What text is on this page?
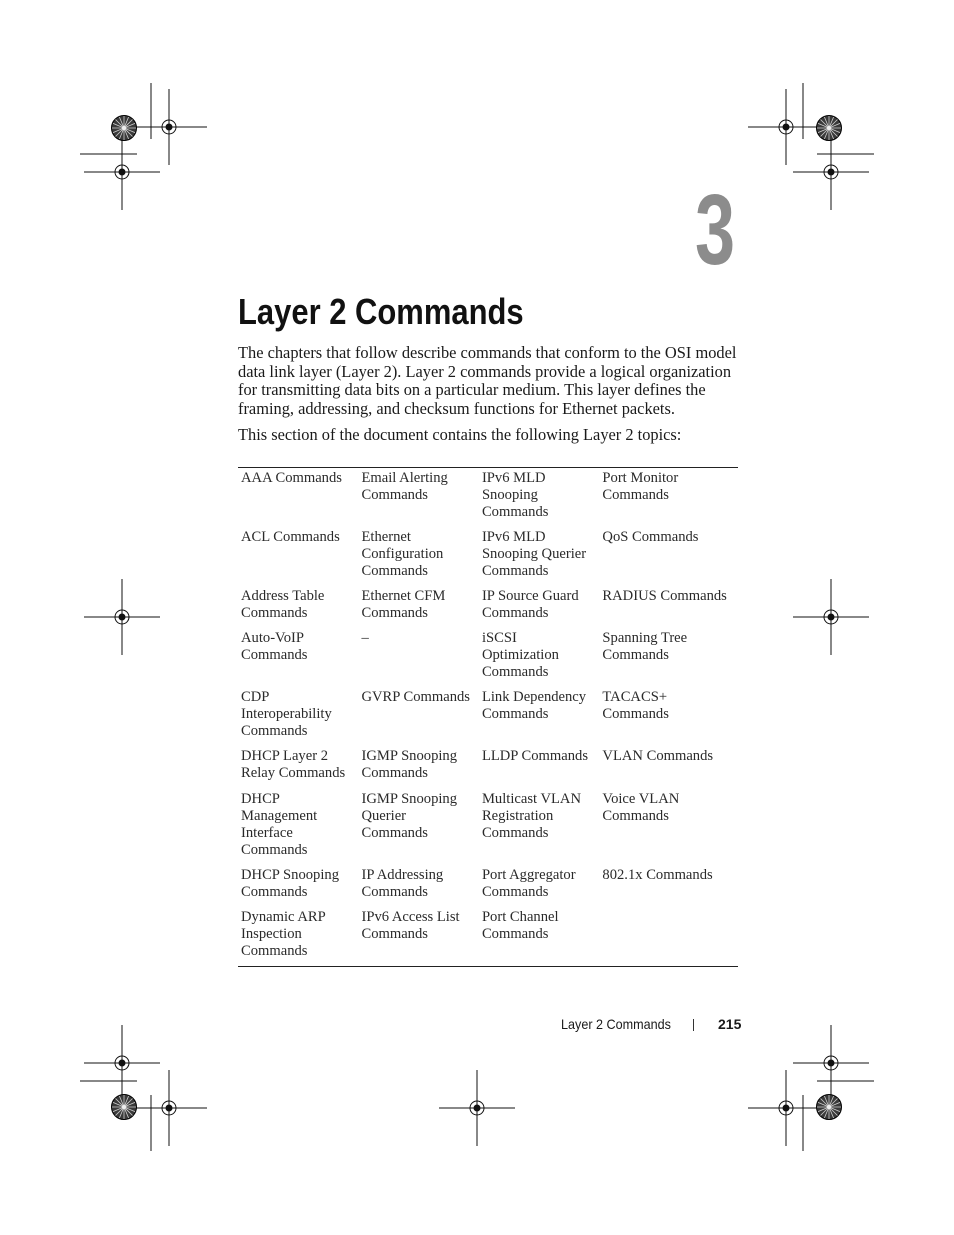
3
Layer 2 Commands

The chapters that follow describe commands that conform to the OSI model data link layer (Layer 2). Layer 2 commands provide a logical organization for transmitting data bits on a particular medium. This layer defines the framing, addressing, and checksum functions for Ethernet packets.

This section of the document contains the following Layer 2 topics:

AAA Commands	Email Alerting Commands	IPv6 MLD Snooping Commands	Port Monitor Commands
ACL Commands	Ethernet Configuration Commands	IPv6 MLD Snooping Querier Commands	QoS Commands
Address Table Commands	Ethernet CFM Commands	IP Source Guard Commands	RADIUS Commands
Auto-VoIP Commands	–	iSCSI Optimization Commands	Spanning Tree Commands
CDP Interoperability Commands	GVRP Commands	Link Dependency Commands	TACACS+ Commands
DHCP Layer 2 Relay Commands	IGMP Snooping Commands	LLDP Commands	VLAN Commands
DHCP Management Interface Commands	IGMP Snooping Querier Commands	Multicast VLAN Registration Commands	Voice VLAN Commands
DHCP Snooping Commands	IP Addressing Commands	Port Aggregator Commands	802.1x Commands
Dynamic ARP Inspection Commands	IPv6 Access List Commands	Port Channel Commands	
Layer 2 Commands	215
